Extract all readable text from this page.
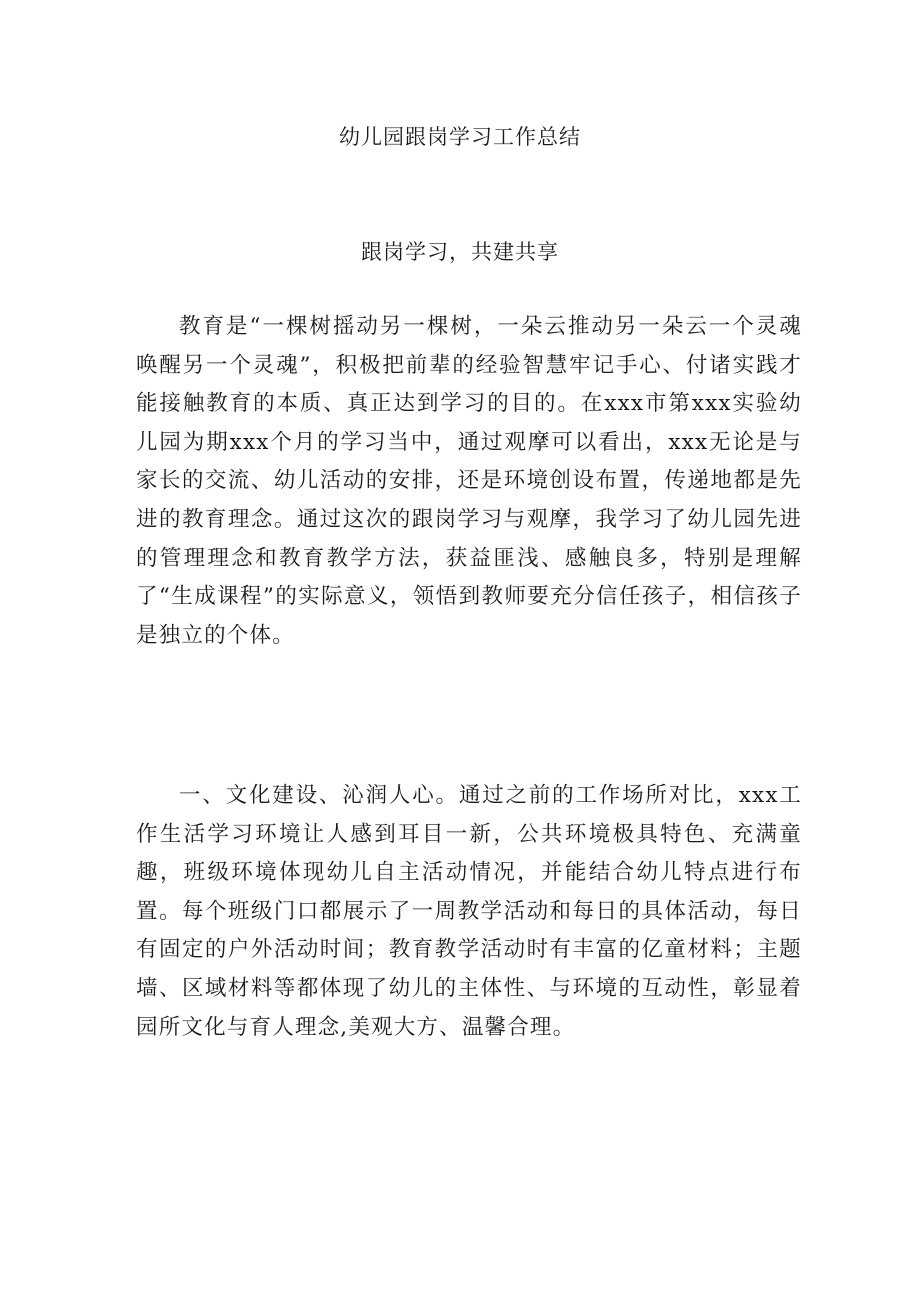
幼儿园跟岗学习工作总结
跟岗学习，共建共享

教育是“一棵树摇动另一棵树，一朵云推动另一朵云一个灵魂唤醒另一个灵魂”，积极把前辈的经验智慧牢记手心、付诸实践才能接触教育的本质、真正达到学习的目的。在xxx市第xxx实验幼儿园为期xxx个月的学习当中，通过观摩可以看出，xxx无论是与家长的交流、幼儿活动的安排，还是环境创设布置，传递地都是先进的教育理念。通过这次的跟岗学习与观摩，我学习了幼儿园先进的管理理念和教育教学方法，获益匪浅、感触良多，特别是理解了“生成课程”的实际意义，领悟到教师要充分信任孩子，相信孩子是独立的个体。

一、文化建设、沁润人心。通过之前的工作场所对比，xxx工作生活学习环境让人感到耳目一新，公共环境极具特色、充满童趣，班级环境体现幼儿自主活动情况，并能结合幼儿特点进行布置。每个班级门口都展示了一周教学活动和每日的具体活动，每日有固定的户外活动时间；教育教学活动时有丰富的亿童材料；主题墙、区域材料等都体现了幼儿的主体性、与环境的互动性，彰显着园所文化与育人理念,美观大方、温馨合理。
